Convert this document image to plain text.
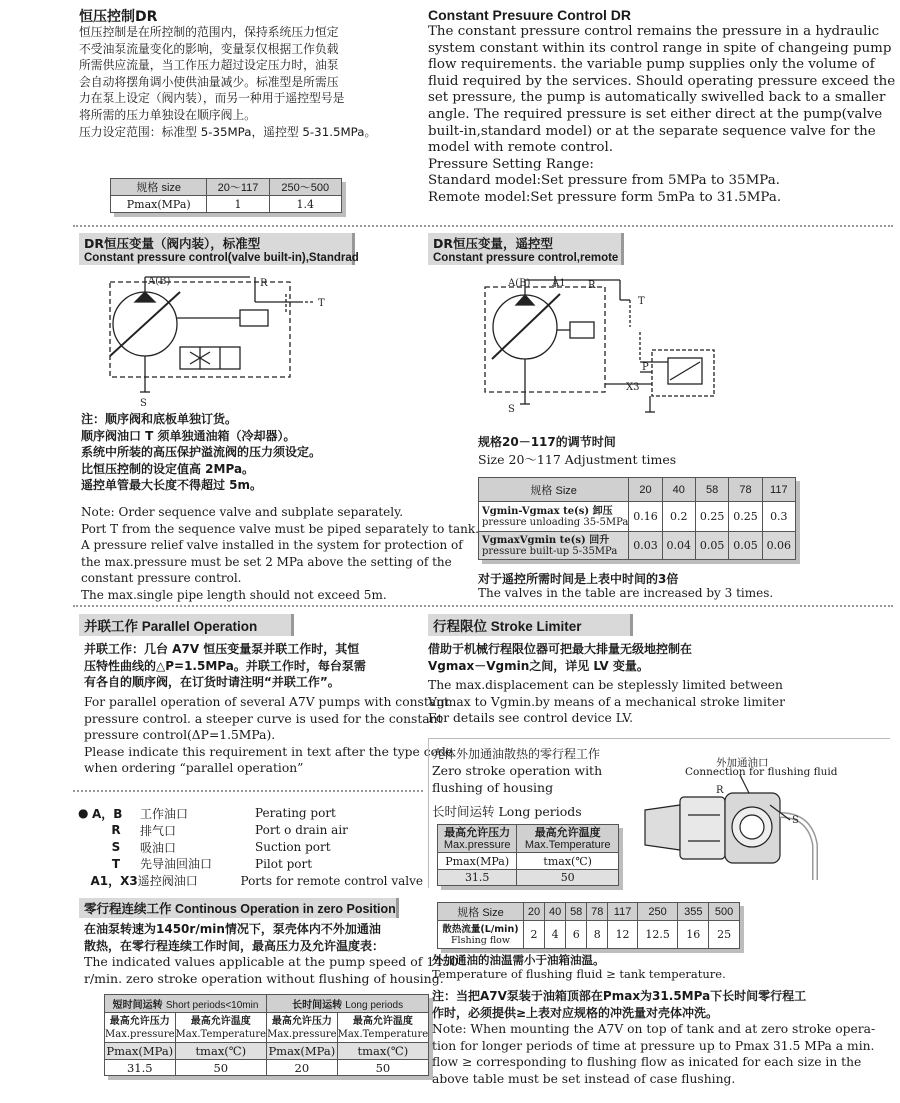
恒压控制DR
恒压控制是在所控制的范围内，保持系统压力恒定
不受油泵流量变化的影响，变量泵仅根据工作负载
所需供应流量，当工作压力超过设定压力时，油泵
会自动将摆角调小使供油量减少。标准型是所需压
力在泵上设定（阀内装），而另一种用于遥控型号是
将所需的压力单独设在顺序阀上。
压力设定范围：标准型 5-35MPa，遥控型 5-31.5MPa。
规格 size	20～117	250～500
Pmax(MPa)	1	1.4
Constant Presuure Control DR
The constant pressure control remains the pressure in a hydraulic
system constant within its control range in spite of changeing pump
flow requirements. the variable pump supplies only the volume of
fluid required by the services. Should operating pressure exceed the
set pressure, the pump is automatically swivelled back to a smaller
angle. The required pressure is set either direct at the pump(valve
built-in,standard model) or at the separate sequence valve for the
model with remote control.
Pressure Setting Range:
Standard model:Set pressure from 5MPa to 35MPa.
Remote model:Set pressure form 5mPa to 31.5MPa.
DR恒压变量（阀内装），标准型
Constant pressure control(valve built-in),Standrad
A(B)	R
T
S
注：顺序阀和底板单独订货。
顺序阀油口 T 须单独通油箱（冷却器）。
系统中所装的高压保护溢流阀的压力须设定。
比恒压控制的设定值高 2MPa。
遥控单管最大长度不得超过 5m。
Note: Order sequence valve and subplate separately.
Port T from the sequence valve must be piped separately to tank.
A pressure relief valve installed in the system for protection of
the max.pressure must be set 2 MPa above the setting of the
constant pressure control.
The max.single pipe length should not exceed 5m.
DR恒压变量，遥控型
Constant pressure control,remote
A(B) A1 R
T
P
X3
S
规格20－117的调节时间
Size 20～117 Adjustment times
规格 Size	20	40	58	78	117

Vgmin-Vgmax te(s) 卸压
pressure unloading 35-5MPa	0.16	0.2	0.25	0.25	0.3

VgmaxVgmin te(s) 回升
pressure built-up 5-35MPa	0.03	0.04	0.05	0.05	0.06
对于遥控所需时间是上表中时间的3倍
The valves in the table are increased by 3 times.
并联工作 Parallel Operation
并联工作：几台 A7V 恒压变量泵并联工作时，其恒
压特性曲线的△P=1.5MPa。并联工作时，每台泵需
有各自的顺序阀，在订货时请注明“并联工作”。
For parallel operation of several A7V pumps with constant
pressure control. a steeper curve is used for the constant
pressure control(ΔP=1.5MPa).
Please indicate this requirement in text after the type code
when ordering “parallel operation”
● A，B	工作油口	Perating port
R	排气口	Port o drain air
S	吸油口	Suction port
T	先导油回油口	Pilot port
A1，X3 遥控阀油口	Ports for remote control valve
零行程连续工作 Continous Operation in zero Position
在油泵转速为1450r/min情况下，泵壳体内不外加通油
散热，在零行程连续工作时间，最高压力及允许温度表：
The indicated values applicable at the pump speed of 1450
r/min. zero stroke operation without flushing of housing.
短时间运转 Short periods<10min		长时间运转 Long periods	

最高允许压力
Max.pressure	最高允许温度
Max.Temperature	最高允许压力
Max.pressure	最高允许温度
Max.Temperature
Pmax(MPa)	tmax(℃)	Pmax(MPa)	tmax(℃)
31.5	50	20	50
行程限位 Stroke Limiter
借助于机械行程限位器可把最大排量无级地控制在
Vgmax－Vgmin之间，详见 LV 变量。
The max.displacement can be steplessly limited between
Vgmax to Vgmin.by means of a mechanical stroke limiter
For details see control device LV.
壳体外加通油散热的零行程工作
Zero stroke operation with
flushing of housing
长时间运转 Long periods
最高允许压力
Max.pressure	最高允许温度
Max.Temperature
Pmax(MPa)	tmax(℃)
31.5	50
外加通油口
Connection for flushing fluid
R
S
规格 Size	20	40	58	78	117	250	355	500

散热流量(L/min)
Flshing flow	2	4	6	8	12	12.5	16	25
外加通油的油温需小于油箱油温。
Temperature of flushing fluid ≥ tank temperature.
注：当把A7V泵装于油箱顶部在Pmax为31.5MPa下长时间零行程工
作时，必须提供≥上表对应规格的冲洗量对壳体冲洗。
Note: When mounting the A7V on top of tank and at zero stroke opera-
tion for longer periods of time at pressure up to Pmax 31.5 MPa a min.
flow ≥ corresponding to flushing flow as inicated for each size in the
above table must be set instead of case flushing.
